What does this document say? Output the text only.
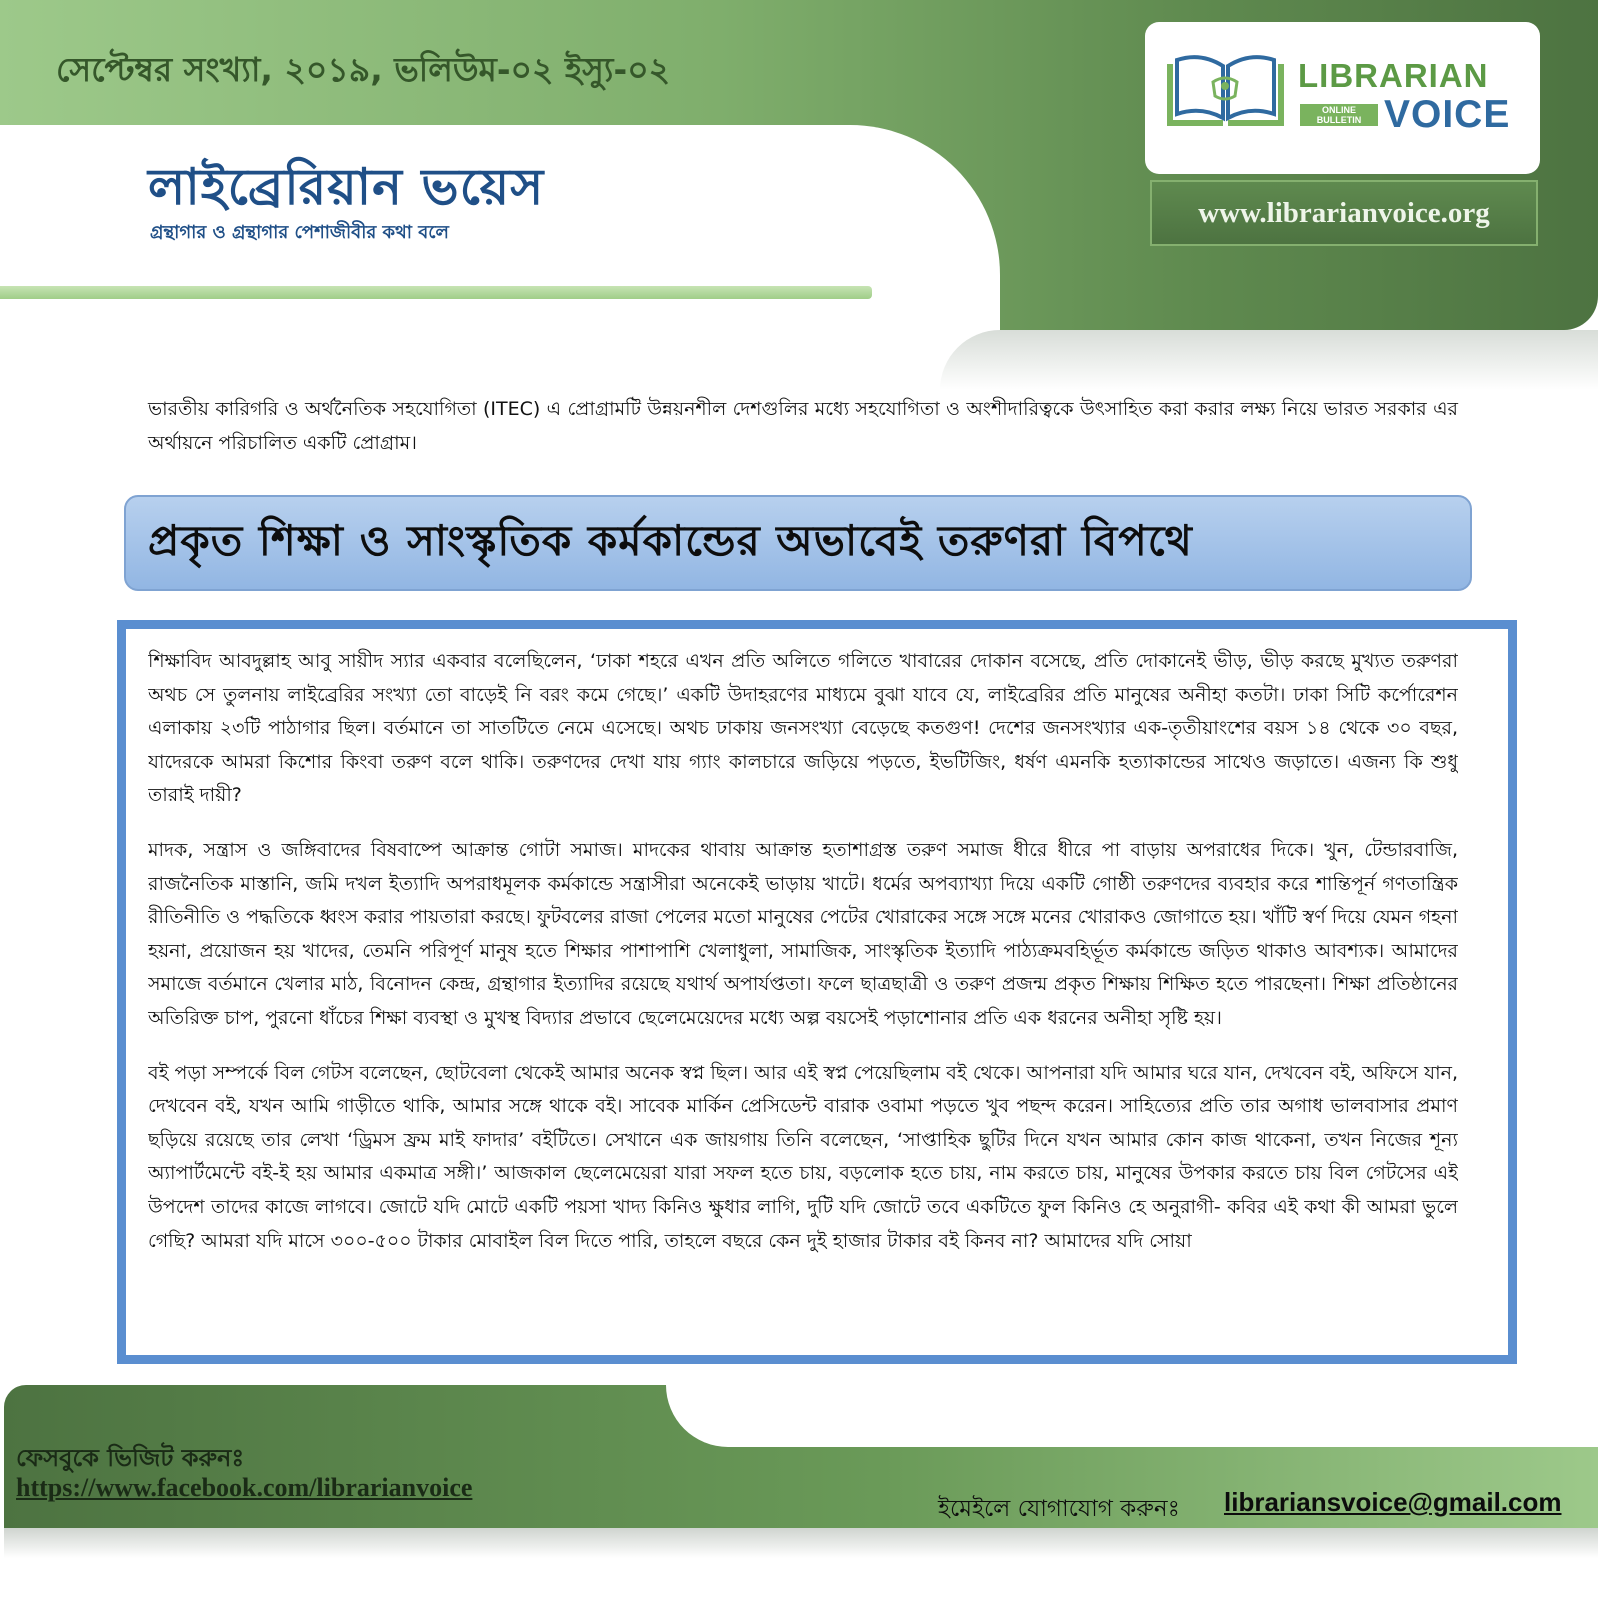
সেপ্টেম্বর সংখ্যা, ২০১৯, ভলিউম-০২ ইস্যু-০২
লাইব্রেরিয়ান ভয়েস
গ্রন্থাগার ও গ্রন্থাগার পেশাজীবীর কথা বলে
LIBRARIAN
ONLINE
BULLETIN VOICE
www.librarianvoice.org
ভারতীয় কারিগরি ও অর্থনৈতিক সহযোগিতা (ITEC) এ প্রোগ্রামটি উন্নয়নশীল দেশগুলির মধ্যে সহযোগিতা ও অংশীদারিত্বকে উৎসাহিত করা করার লক্ষ্য নিয়ে ভারত সরকার এর অর্থায়নে পরিচালিত একটি প্রোগ্রাম।
প্রকৃত শিক্ষা ও সাংস্কৃতিক কর্মকান্ডের অভাবেই তরুণরা বিপথে

শিক্ষাবিদ আবদুল্লাহ আবু সায়ীদ স্যার একবার বলেছিলেন, ‘ঢাকা শহরে এখন প্রতি অলিতে গলিতে খাবারের দোকান বসেছে, প্রতি দোকানেই ভীড়, ভীড় করছে মুখ্যত তরুণরা অথচ সে তুলনায় লাইব্রেরির সংখ্যা তো বাড়েই নি বরং কমে গেছে।’ একটি উদাহরণের মাধ্যমে বুঝা যাবে যে, লাইব্রেরির প্রতি মানুষের অনীহা কতটা। ঢাকা সিটি কর্পোরেশন এলাকায় ২৩টি পাঠাগার ছিল। বর্তমানে তা সাতটিতে নেমে এসেছে। অথচ ঢাকায় জনসংখ্যা বেড়েছে কতগুণ! দেশের জনসংখ্যার এক-তৃতীয়াংশের বয়স ১৪ থেকে ৩০ বছর, যাদেরকে আমরা কিশোর কিংবা তরুণ বলে থাকি। তরুণদের দেখা যায় গ্যাং কালচারে জড়িয়ে পড়তে, ইভটিজিং, ধর্ষণ এমনকি হত্যাকান্ডের সাথেও জড়াতে। এজন্য কি শুধু তারাই দায়ী?

মাদক, সন্ত্রাস ও জঙ্গিবাদের বিষবাষ্পে আক্রান্ত গোটা সমাজ। মাদকের থাবায় আক্রান্ত হতাশাগ্রস্ত তরুণ সমাজ ধীরে ধীরে পা বাড়ায় অপরাধের দিকে। খুন, টেন্ডারবাজি, রাজনৈতিক মাস্তানি, জমি দখল ইত্যাদি অপরাধমূলক কর্মকান্ডে সন্ত্রাসীরা অনেকেই ভাড়ায় খাটে। ধর্মের অপব্যাখ্যা দিয়ে একটি গোষ্ঠী তরুণদের ব্যবহার করে শান্তিপূর্ন গণতান্ত্রিক রীতিনীতি ও পদ্ধতিকে ধ্বংস করার পায়তারা করছে। ফুটবলের রাজা পেলের মতো মানুষের পেটের খোরাকের সঙ্গে সঙ্গে মনের খোরাকও জোগাতে হয়। খাঁটি স্বর্ণ দিয়ে যেমন গহনা হয়না, প্রয়োজন হয় খাদের, তেমনি পরিপূর্ণ মানুষ হতে শিক্ষার পাশাপাশি খেলাধুলা, সামাজিক, সাংস্কৃতিক ইত্যাদি পাঠ্যক্রমবহির্ভূত কর্মকান্ডে জড়িত থাকাও আবশ্যক। আমাদের সমাজে বর্তমানে খেলার মাঠ, বিনোদন কেন্দ্র, গ্রন্থাগার ইত্যাদির রয়েছে যথার্থ অপার্যপ্ততা। ফলে ছাত্রছাত্রী ও তরুণ প্রজন্ম প্রকৃত শিক্ষায় শিক্ষিত হতে পারছেনা। শিক্ষা প্রতিষ্ঠানের অতিরিক্ত চাপ, পুরনো ধাঁচের শিক্ষা ব্যবস্থা ও মুখস্থ বিদ্যার প্রভাবে ছেলেমেয়েদের মধ্যে অল্প বয়সেই পড়াশোনার প্রতি এক ধরনের অনীহা সৃষ্টি হয়।

বই পড়া সম্পর্কে বিল গেটস বলেছেন, ছোটবেলা থেকেই আমার অনেক স্বপ্ন ছিল। আর এই স্বপ্ন পেয়েছিলাম বই থেকে। আপনারা যদি আমার ঘরে যান, দেখবেন বই, অফিসে যান, দেখবেন বই, যখন আমি গাড়ীতে থাকি, আমার সঙ্গে থাকে বই। সাবেক মার্কিন প্রেসিডেন্ট বারাক ওবামা পড়তে খুব পছন্দ করেন। সাহিত্যের প্রতি তার অগাধ ভালবাসার প্রমাণ ছড়িয়ে রয়েছে তার লেখা ‘ড্রিমস ফ্রম মাই ফাদার’ বইটিতে। সেখানে এক জায়গায় তিনি বলেছেন, ‘সাপ্তাহিক ছুটির দিনে যখন আমার কোন কাজ থাকেনা, তখন নিজের শূন্য অ্যাপার্টমেন্টে বই-ই হয় আমার একমাত্র সঙ্গী।’ আজকাল ছেলেমেয়েরা যারা সফল হতে চায়, বড়লোক হতে চায়, নাম করতে চায়, মানুষের উপকার করতে চায় বিল গেটসের এই উপদেশ তাদের কাজে লাগবে। জোটে যদি মোটে একটি পয়সা খাদ্য কিনিও ক্ষুধার লাগি, দুটি যদি জোটে তবে একটিতে ফুল কিনিও হে অনুরাগী- কবির এই কথা কী আমরা ভুলে গেছি? আমরা যদি মাসে ৩০০-৫০০ টাকার মোবাইল বিল দিতে পারি, তাহলে বছরে কেন দুই হাজার টাকার বই কিনব না? আমাদের যদি সোয়া

ফেসবুকে ভিজিট করুনঃ
https://www.facebook.com/librarianvoice
ইমেইলে যোগাযোগ করুনঃ librariansvoice@gmail.com
